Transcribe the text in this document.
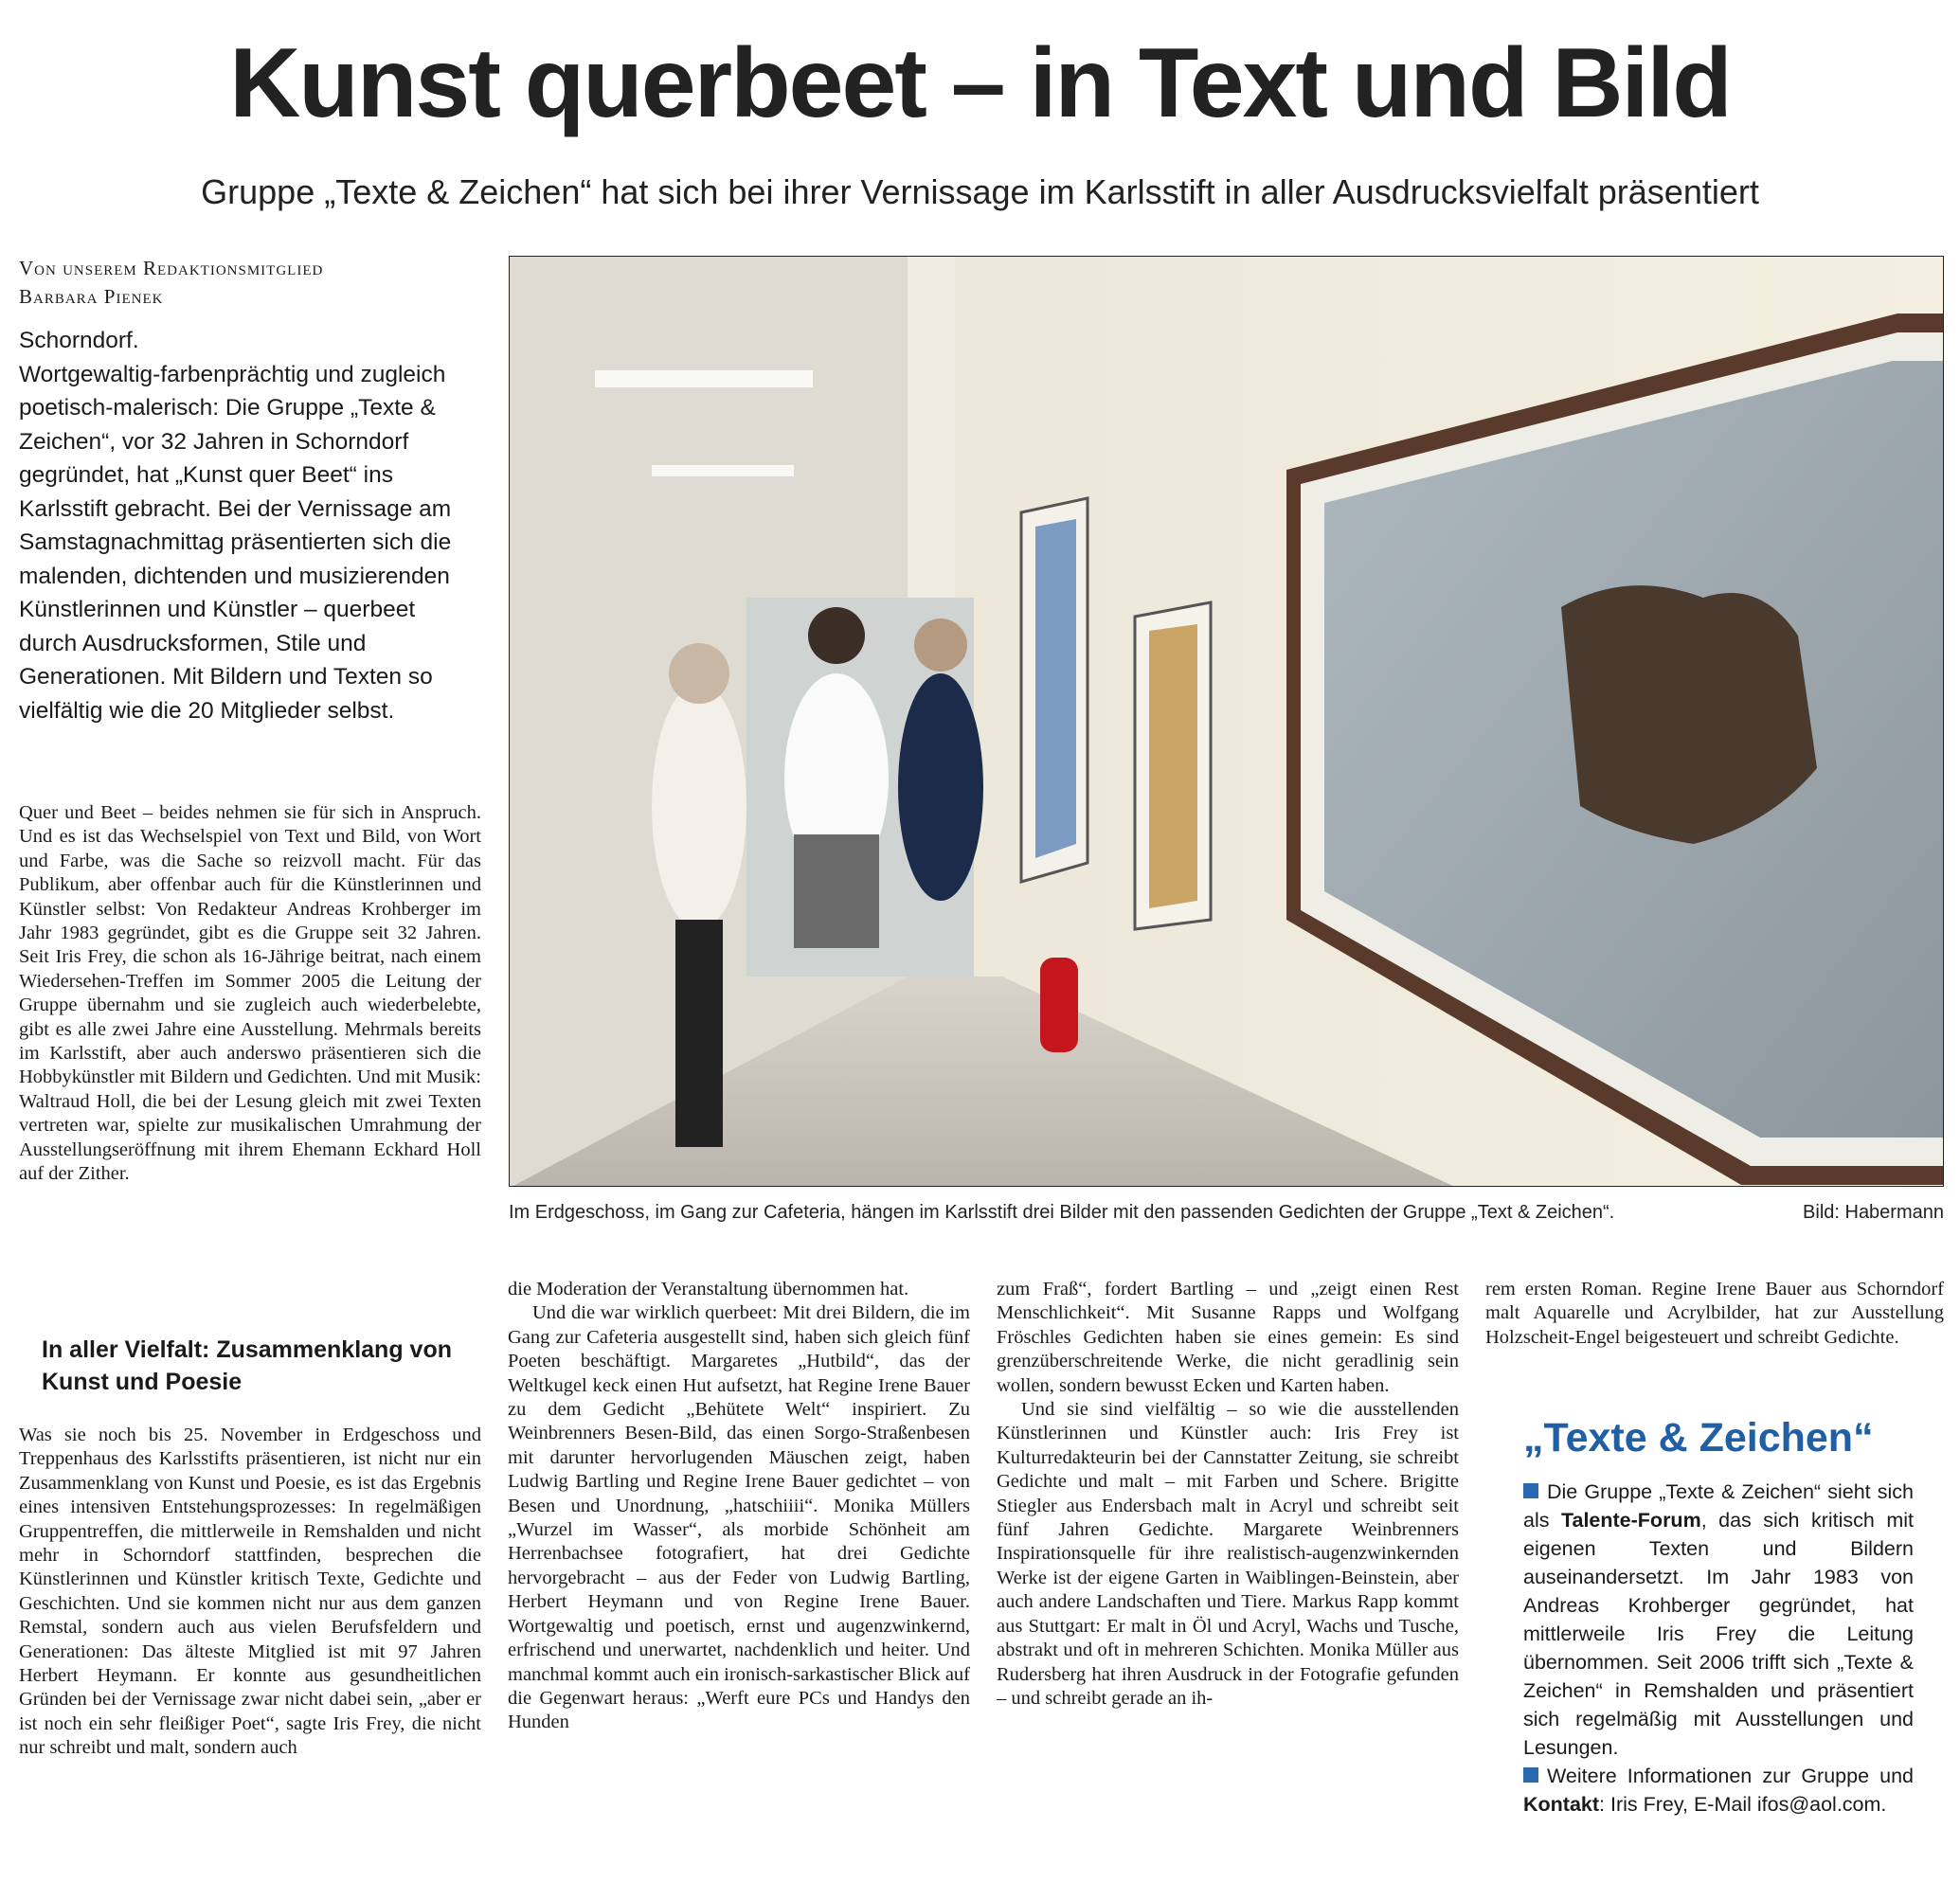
Kunst querbeet – in Text und Bild
Gruppe „Texte & Zeichen“ hat sich bei ihrer Vernissage im Karlsstift in aller Ausdrucksvielfalt präsentiert
Von unserem Redaktionsmitglied
Barbara Pienek
Schorndorf.
Wortgewaltig-farbenprächtig und zugleich poetisch-malerisch: Die Gruppe „Texte & Zeichen“, vor 32 Jahren in Schorndorf gegründet, hat „Kunst quer Beet“ ins Karlsstift gebracht. Bei der Vernissage am Samstagnachmittag präsentierten sich die malenden, dichtenden und musizierenden Künstlerinnen und Künstler – querbeet durch Ausdrucksformen, Stile und Generationen. Mit Bildern und Texten so vielfältig wie die 20 Mitglieder selbst.

Quer und Beet – beides nehmen sie für sich in Anspruch. Und es ist das Wechselspiel von Text und Bild, von Wort und Farbe, was die Sache so reizvoll macht. Für das Publikum, aber offenbar auch für die Künstlerinnen und Künstler selbst: Von Redakteur Andreas Krohberger im Jahr 1983 gegründet, gibt es die Gruppe seit 32 Jahren. Seit Iris Frey, die schon als 16-Jährige beitrat, nach einem Wiedersehen-Treffen im Sommer 2005 die Leitung der Gruppe übernahm und sie zugleich auch wiederbelebte, gibt es alle zwei Jahre eine Ausstellung. Mehrmals bereits im Karlsstift, aber auch anderswo präsentieren sich die Hobbykünstler mit Bildern und Gedichten. Und mit Musik: Waltraud Holl, die bei der Lesung gleich mit zwei Texten vertreten war, spielte zur musikalischen Umrahmung der Ausstellungseröffnung mit ihrem Ehemann Eckhard Holl auf der Zither.

In aller Vielfalt: Zusammenklang von Kunst und Poesie

Was sie noch bis 25. November in Erdgeschoss und Treppenhaus des Karlsstifts präsentieren, ist nicht nur ein Zusammenklang von Kunst und Poesie, es ist das Ergebnis eines intensiven Entstehungsprozesses: In regelmäßigen Gruppentreffen, die mittlerweile in Remshalden und nicht mehr in Schorndorf stattfinden, besprechen die Künstlerinnen und Künstler kritisch Texte, Gedichte und Geschichten. Und sie kommen nicht nur aus dem ganzen Remstal, sondern auch aus vielen Berufsfeldern und Generationen: Das älteste Mitglied ist mit 97 Jahren Herbert Heymann. Er konnte aus gesundheitlichen Gründen bei der Vernissage zwar nicht dabei sein, „aber er ist noch ein sehr fleißiger Poet“, sagte Iris Frey, die nicht nur schreibt und malt, sondern auch

Im Erdgeschoss, im Gang zur Cafeteria, hängen im Karlsstift drei Bilder mit den passenden Gedichten der Gruppe „Text & Zeichen“.	Bild: Habermann

die Moderation der Veranstaltung übernommen hat.

Und die war wirklich querbeet: Mit drei Bildern, die im Gang zur Cafeteria ausgestellt sind, haben sich gleich fünf Poeten beschäftigt. Margaretes „Hutbild“, das der Weltkugel keck einen Hut aufsetzt, hat Regine Irene Bauer zu dem Gedicht „Behütete Welt“ inspiriert. Zu Weinbrenners Besen-Bild, das einen Sorgo-Straßenbesen mit darunter hervorlugenden Mäuschen zeigt, haben Ludwig Bartling und Regine Irene Bauer gedichtet – von Besen und Unordnung, „hatschiiii“. Monika Müllers „Wurzel im Wasser“, als morbide Schönheit am Herrenbachsee fotografiert, hat drei Gedichte hervorgebracht – aus der Feder von Ludwig Bartling, Herbert Heymann und von Regine Irene Bauer. Wortgewaltig und poetisch, ernst und augenzwinkernd, erfrischend und unerwartet, nachdenklich und heiter. Und manchmal kommt auch ein ironisch-sarkastischer Blick auf die Gegenwart heraus: „Werft eure PCs und Handys den Hunden

zum Fraß“, fordert Bartling – und „zeigt einen Rest Menschlichkeit“. Mit Susanne Rapps und Wolfgang Fröschles Gedichten haben sie eines gemein: Es sind grenzüberschreitende Werke, die nicht geradlinig sein wollen, sondern bewusst Ecken und Karten haben.

Und sie sind vielfältig – so wie die ausstellenden Künstlerinnen und Künstler auch: Iris Frey ist Kulturredakteurin bei der Cannstatter Zeitung, sie schreibt Gedichte und malt – mit Farben und Schere. Brigitte Stiegler aus Endersbach malt in Acryl und schreibt seit fünf Jahren Gedichte. Margarete Weinbrenners Inspirationsquelle für ihre realistisch-augenzwinkernden Werke ist der eigene Garten in Waiblingen-Beinstein, aber auch andere Landschaften und Tiere. Markus Rapp kommt aus Stuttgart: Er malt in Öl und Acryl, Wachs und Tusche, abstrakt und oft in mehreren Schichten. Monika Müller aus Rudersberg hat ihren Ausdruck in der Fotografie gefunden – und schreibt gerade an ih-

rem ersten Roman. Regine Irene Bauer aus Schorndorf malt Aquarelle und Acrylbilder, hat zur Ausstellung Holzscheit-Engel beigesteuert und schreibt Gedichte.

„Texte & Zeichen“
Die Gruppe „Texte & Zeichen“ sieht sich als Talente-Forum, das sich kritisch mit eigenen Texten und Bildern auseinandersetzt. Im Jahr 1983 von Andreas Krohberger gegründet, hat mittlerweile Iris Frey die Leitung übernommen. Seit 2006 trifft sich „Texte & Zeichen“ in Remshalden und präsentiert sich regelmäßig mit Ausstellungen und Lesungen.
Weitere Informationen zur Gruppe und Kontakt: Iris Frey, E-Mail ifos@aol.com.
